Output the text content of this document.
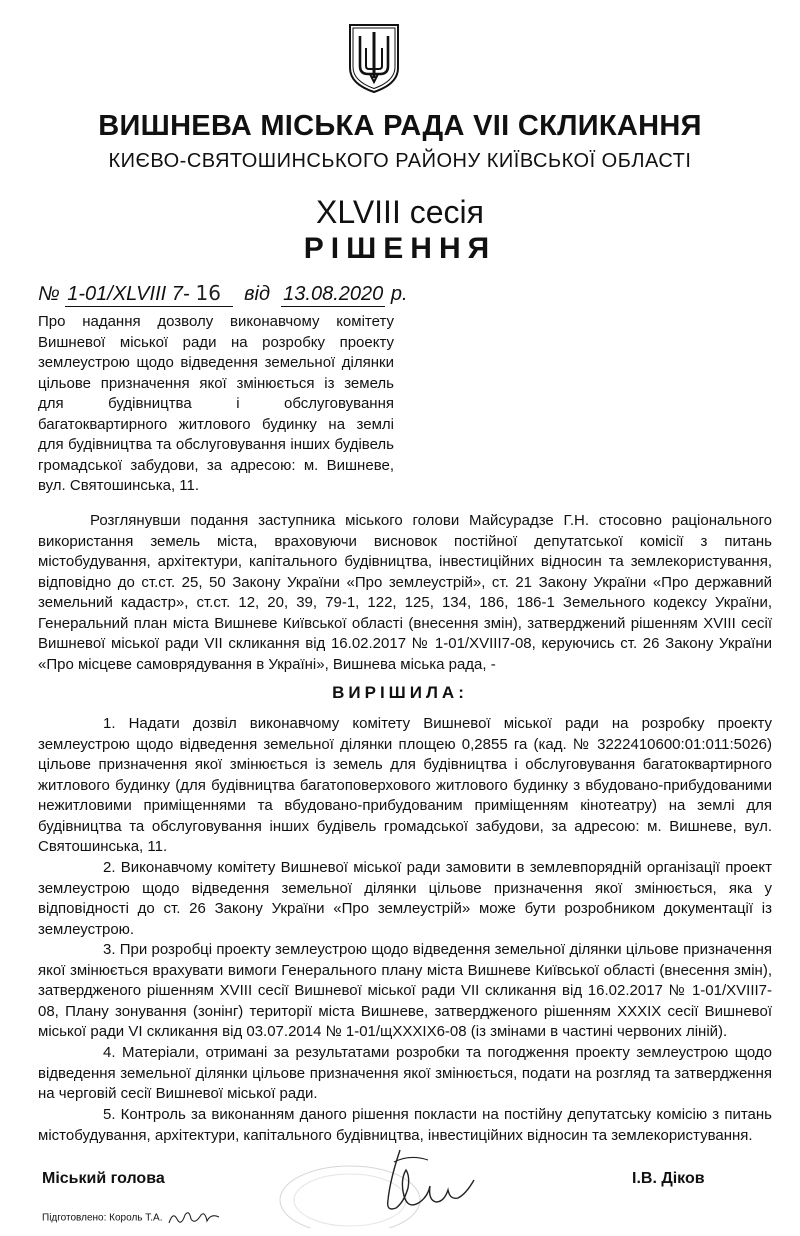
ВИШНЕВА МІСЬКА РАДА VII СКЛИКАННЯ
КИЄВО-СВЯТОШИНСЬКОГО РАЙОНУ КИЇВСЬКОЇ ОБЛАСТІ
XLVIII сесія
РІШЕННЯ
№ 1-01/XLVIII 7- 16 від 13.08.2020 р.
Про надання дозволу виконавчому комітету Вишневої міської ради на розробку проекту землеустрою щодо відведення земельної ділянки цільове призначення якої змінюється із земель для будівництва і обслуговування багатоквартирного житлового будинку на землі для будівництва та обслуговування інших будівель громадської забудови, за адресою: м. Вишневе, вул. Святошинська, 11.
Розглянувши подання заступника міського голови Майсурадзе Г.Н. стосовно раціонального використання земель міста, враховуючи висновок постійної депутатської комісії з питань містобудування, архітектури, капітального будівництва, інвестиційних відносин та землекористування, відповідно до ст.ст. 25, 50 Закону України «Про землеустрій», ст. 21 Закону України «Про державний земельний кадастр», ст.ст. 12, 20, 39, 79-1, 122, 125, 134, 186, 186-1 Земельного кодексу України, Генеральний план міста Вишневе Київської області (внесення змін), затверджений рішенням XVIII сесії Вишневої міської ради VII скликання від 16.02.2017 № 1-01/XVIII7-08, керуючись ст. 26 Закону України «Про місцеве самоврядування в Україні», Вишнева міська рада, -
ВИРІШИЛА:
1. Надати дозвіл виконавчому комітету Вишневої міської ради на розробку проекту землеустрою щодо відведення земельної ділянки площею 0,2855 га (кад. № 3222410600:01:011:5026) цільове призначення якої змінюється із земель для будівництва і обслуговування багатоквартирного житлового будинку (для будівництва багатоповерхового житлового будинку з вбудовано-прибудованими нежитловими приміщеннями та вбудовано-прибудованим приміщенням кінотеатру) на землі для будівництва та обслуговування інших будівель громадської забудови, за адресою: м. Вишневе, вул. Святошинська, 11.
2. Виконавчому комітету Вишневої міської ради замовити в землевпорядній організації проект землеустрою щодо відведення земельної ділянки цільове призначення якої змінюється, яка у відповідності до ст. 26 Закону України «Про землеустрій» може бути розробником документації із землеустрою.
3. При розробці проекту землеустрою щодо відведення земельної ділянки цільове призначення якої змінюється врахувати вимоги Генерального плану міста Вишневе Київської області (внесення змін), затвердженого рішенням XVIII сесії Вишневої міської ради VII скликання від 16.02.2017 № 1-01/XVIII7-08, Плану зонування (зонінг) території міста Вишневе, затвердженого рішенням XXXIX сесії Вишневої міської ради VI скликання від 03.07.2014 № 1-01/щXXXIX6-08 (із змінами в частині червоних ліній).
4. Матеріали, отримані за результатами розробки та погодження проекту землеустрою щодо відведення земельної ділянки цільове призначення якої змінюється, подати на розгляд та затвердження на черговій сесії Вишневої міської ради.
5. Контроль за виконанням даного рішення покласти на постійну депутатську комісію з питань містобудування, архітектури, капітального будівництва, інвестиційних відносин та землекористування.
Міський голова	І.В. Діков
Підготовлено: Король Т.А.
